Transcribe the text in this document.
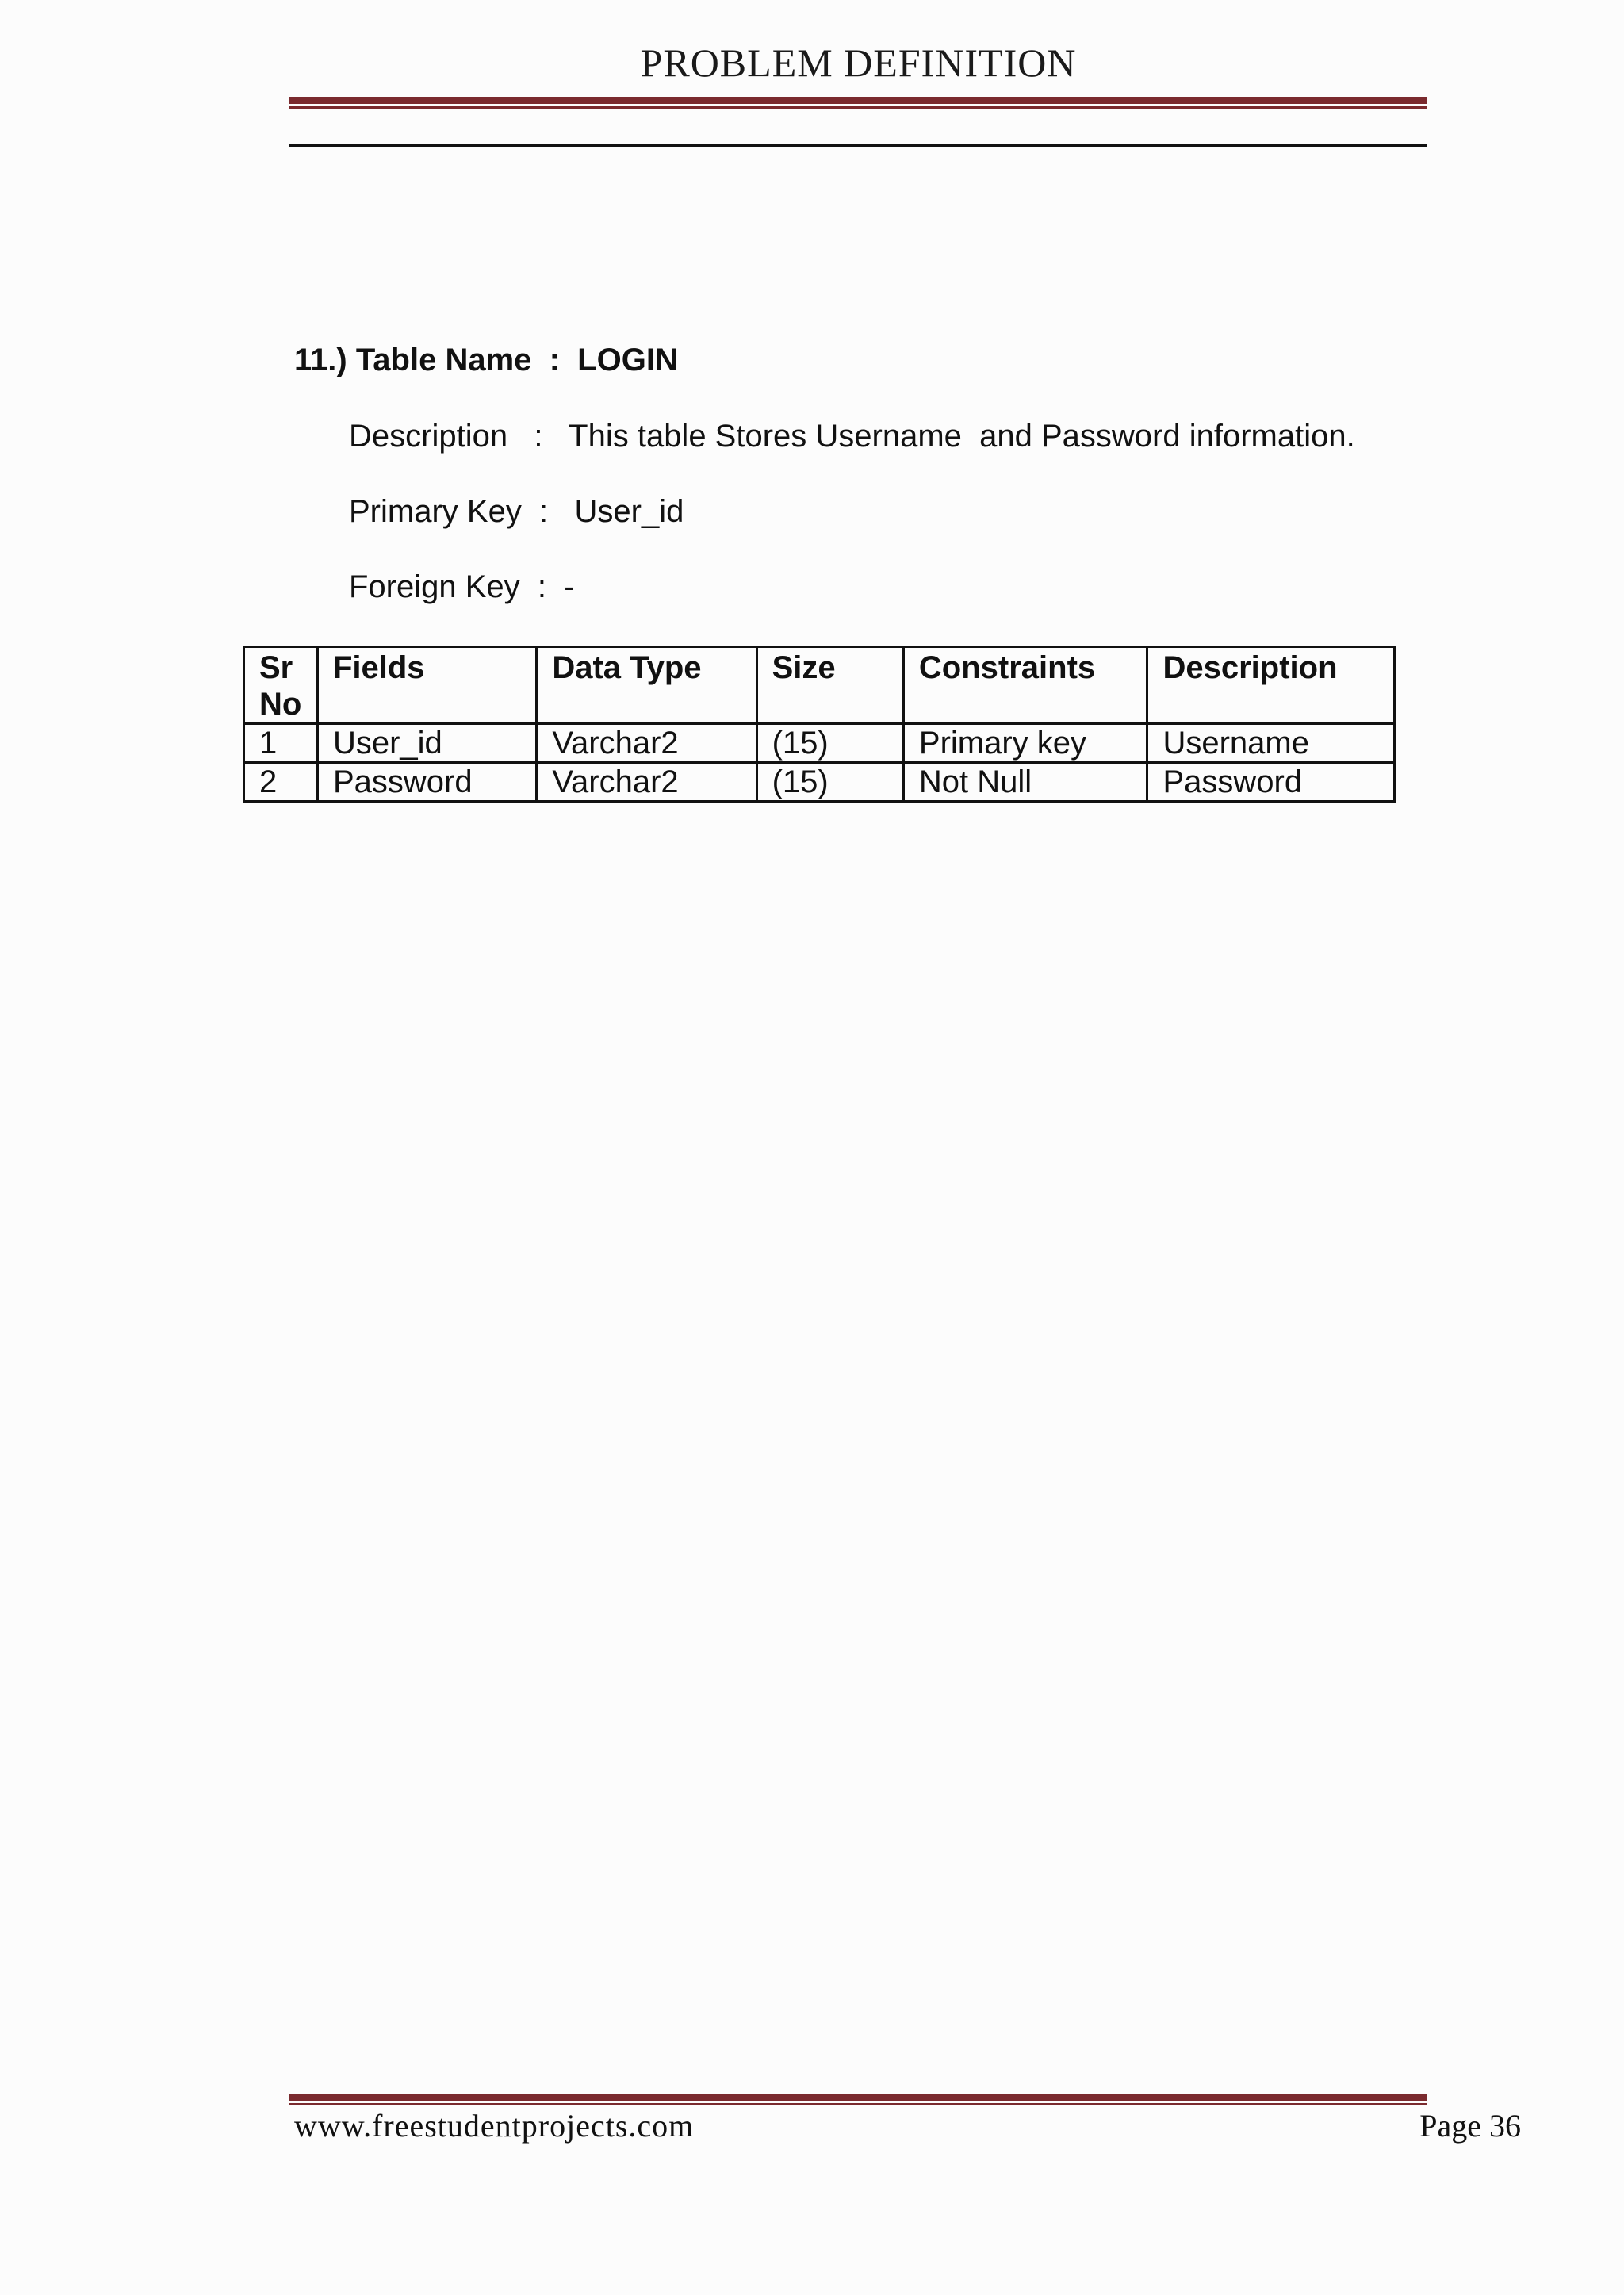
PROBLEM DEFINITION
11.) Table Name  :  LOGIN
Description   :   This table Stores Username  and Password information.
Primary Key  :   User_id
Foreign Key  :  -
Sr No	Fields	Data Type	Size	Constraints	Description
1	User_id	Varchar2	(15)	Primary key	Username
2	Password	Varchar2	(15)	Not Null	Password
www.freestudentprojects.com	Page 36
